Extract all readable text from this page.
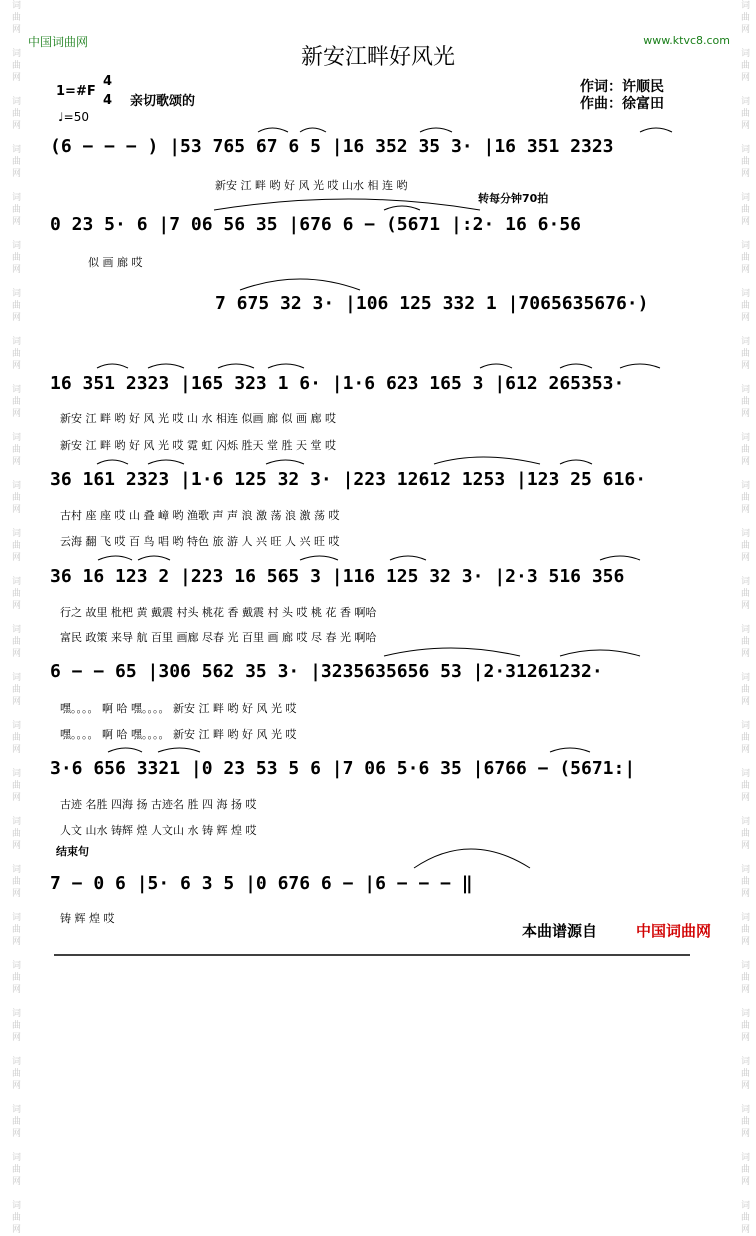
词
曲
网

词
曲
网

词
曲
网

词
曲
网

词
曲
网

词
曲
网

词
曲
网

词
曲
网

词
曲
网

词
曲
网

词
曲
网

词
曲
网

词
曲
网

词
曲
网

词
曲
网

词
曲
网

词
曲
网

词
曲
网

词
曲
网

词
曲
网

词
曲
网

词
曲
网

词
曲
网

词
曲
网

词
曲
网

词
曲
网

词
曲
网

词
曲
网

词
曲
网

词
曲
网

词
曲
网

词
曲
网

词
曲
网

词
曲
网

词
曲
网

词
曲
网

词
曲
网

词
曲
网

词
曲
网

词
曲
网

词
曲
网

词
曲
网

词
曲
网

词
曲
网

词
曲
网

词
曲
网

词
曲
网

词
曲
网

词
曲
网

词
曲
网

词
曲
网

词
曲
网

中国词曲网	www.ktvc8.com
新安江畔好风光
1=#F
4
4 亲切歌颂的
♩=50
作词：许顺民
作曲：徐富田
(6 − − − ) |53 765 67 6 5 |16 352 35 3· |16 351 2323
新安 江 畔 哟 好 风 光 哎 山水 相 连 哟
转每分钟70拍
0 23 5· 6 |7 06 56 35 |676 6 − (5671 |:2· 16 6·56
似 画 廊 哎
7 675 32 3· |106 125 332 1 |7065635676·)
16 351 2323 |165 323 1 6· |1·6 623 165 3 |612 265353·
新安 江 畔 哟 好 风 光 哎 山 水 相连 似画 廊 似 画 廊 哎
新安 江 畔 哟 好 风 光 哎 霓 虹 闪烁 胜天 堂 胜 天 堂 哎
36 161 2323 |1·6 125 32 3· |223 12612 1253 |123 25 616·
古村 座 座 哎 山 叠 嶂 哟 渔歌 声 声 浪 激 荡 浪 激 荡 哎
云海 翻 飞 哎 百 鸟 唱 哟 特色 旅 游 人 兴 旺 人 兴 旺 哎
36 16 123 2 |223 16 565 3 |116 125 32 3· |2·3 516 356
行之 故里 枇杷 黄 戴震 村头 桃花 香 戴震 村 头 哎 桃 花 香 啊哈
富民 政策 来导 航 百里 画廊 尽春 光 百里 画 廊 哎 尽 春 光 啊哈
6 − − 65 |306 562 35 3· |3235635656 53 |2·31261232·
嘿。。。。 啊 哈 嘿。。。。 新安 江 畔 哟 好 风 光 哎
嘿。。。。 啊 哈 嘿。。。。 新安 江 畔 哟 好 风 光 哎
3·6 656 3321 |0 23 53 5 6 |7 06 5·6 35 |6766 − (5671:|
古迹 名胜 四海 扬 古迹名 胜 四 海 扬 哎
人文 山水 铸辉 煌 人文山 水 铸 辉 煌 哎
结束句
7 − 0 6 |5· 6 3 5 |0 676 6 − |6 − − − ‖
铸 辉 煌 哎
本曲谱源自	中国词曲网
